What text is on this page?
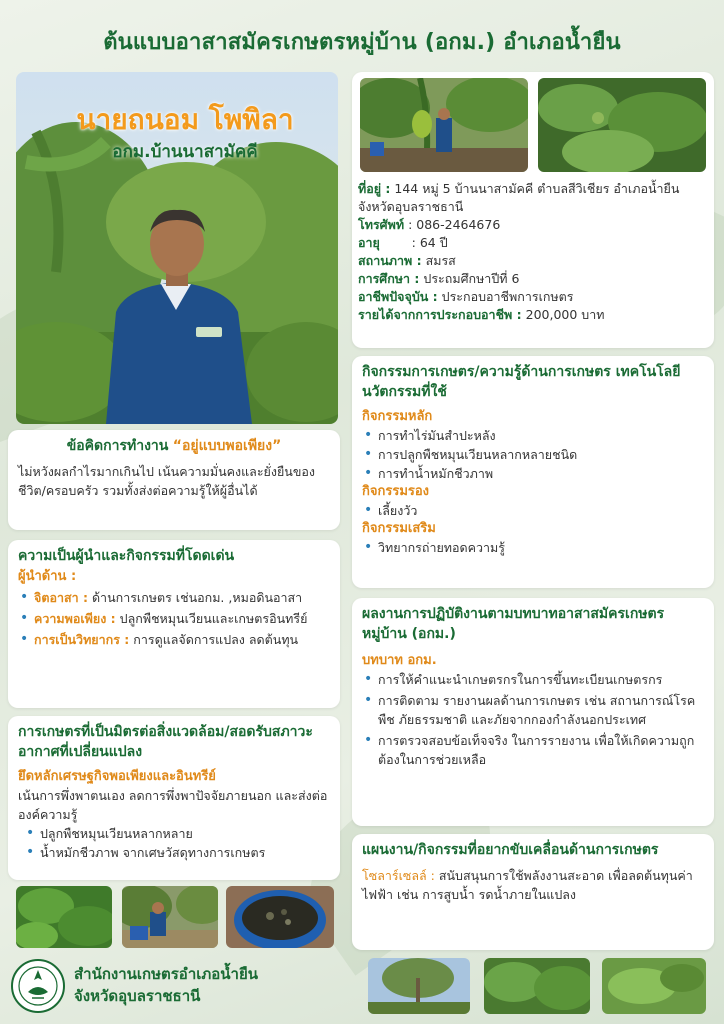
ต้นแบบอาสาสมัครเกษตรหมู่บ้าน (อกม.) อำเภอน้ำยืน
นายถนอม โพพิลา
อกม.บ้านนาสามัคคี
ข้อคิดการทำงาน “อยู่แบบพอเพียง”
ไม่หวังผลกำไรมากเกินไป เน้นความมั่นคงและยั่งยืนของชีวิต/ครอบครัว รวมทั้งส่งต่อความรู้ให้ผู้อื่นได้
ความเป็นผู้นำและกิจกรรมที่โดดเด่น
ผู้นำด้าน :
• จิตอาสา : ด้านการเกษตร เช่นอกม. ,หมอดินอาสา
• ความพอเพียง : ปลูกพืชหมุนเวียนและเกษตรอินทรีย์
• การเป็นวิทยากร : การดูแลจัดการแปลง ลดต้นทุน
การเกษตรที่เป็นมิตรต่อสิ่งแวดล้อม/สอดรับสภาวะอากาศที่เปลี่ยนแปลง
ยึดหลักเศรษฐกิจพอเพียงและอินทรีย์
เน้นการพึ่งพาตนเอง ลดการพึ่งพาปัจจัยภายนอก และส่งต่อองค์ความรู้
• ปลูกพืชหมุนเวียนหลากหลาย
• น้ำหมักชีวภาพ จากเศษวัสดุทางการเกษตร
สำนักงานเกษตรอำเภอน้ำยืน
จังหวัดอุบลราชธานี
ที่อยู่ : 144 หมู่ 5 บ้านนาสามัคคี ตำบลสีวิเชียร อำเภอน้ำยืน จังหวัดอุบลราชธานี
โทรศัพท์ : 086-2464676
อายุ        : 64 ปี
สถานภาพ : สมรส
การศึกษา : ประถมศึกษาปีที่ 6
อาชีพปัจจุบัน : ประกอบอาชีพการเกษตร
รายได้จากการประกอบอาชีพ : 200,000 บาท
กิจกรรมการเกษตร/ความรู้ด้านการเกษตร เทคโนโลยี นวัตกรรมที่ใช้
กิจกรรมหลัก
• การทำไร่มันสำปะหลัง
• การปลูกพืชหมุนเวียนหลากหลายชนิด
• การทำน้ำหมักชีวภาพ
กิจกรรมรอง
• เลี้ยงวัว
กิจกรรมเสริม
• วิทยากรถ่ายทอดความรู้
ผลงานการปฏิบัติงานตามบทบาทอาสาสมัครเกษตรหมู่บ้าน (อกม.)
บทบาท อกม.
• การให้คำแนะนำเกษตรกรในการขึ้นทะเบียนเกษตรกร
• การติดตาม รายงานผลด้านการเกษตร เช่น สถานการณ์โรคพืช ภัยธรรมชาติ และภัยจากกองกำลังนอกประเทศ
• การตรวจสอบข้อเท็จจริง ในการรายงาน เพื่อให้เกิดความถูกต้องในการช่วยเหลือ
แผนงาน/กิจกรรมที่อยากขับเคลื่อนด้านการเกษตร
โซลาร์เซลล์ : สนับสนุนการใช้พลังงานสะอาด เพื่อลดต้นทุนค่าไฟฟ้า เช่น การสูบน้ำ รดน้ำภายในแปลง
